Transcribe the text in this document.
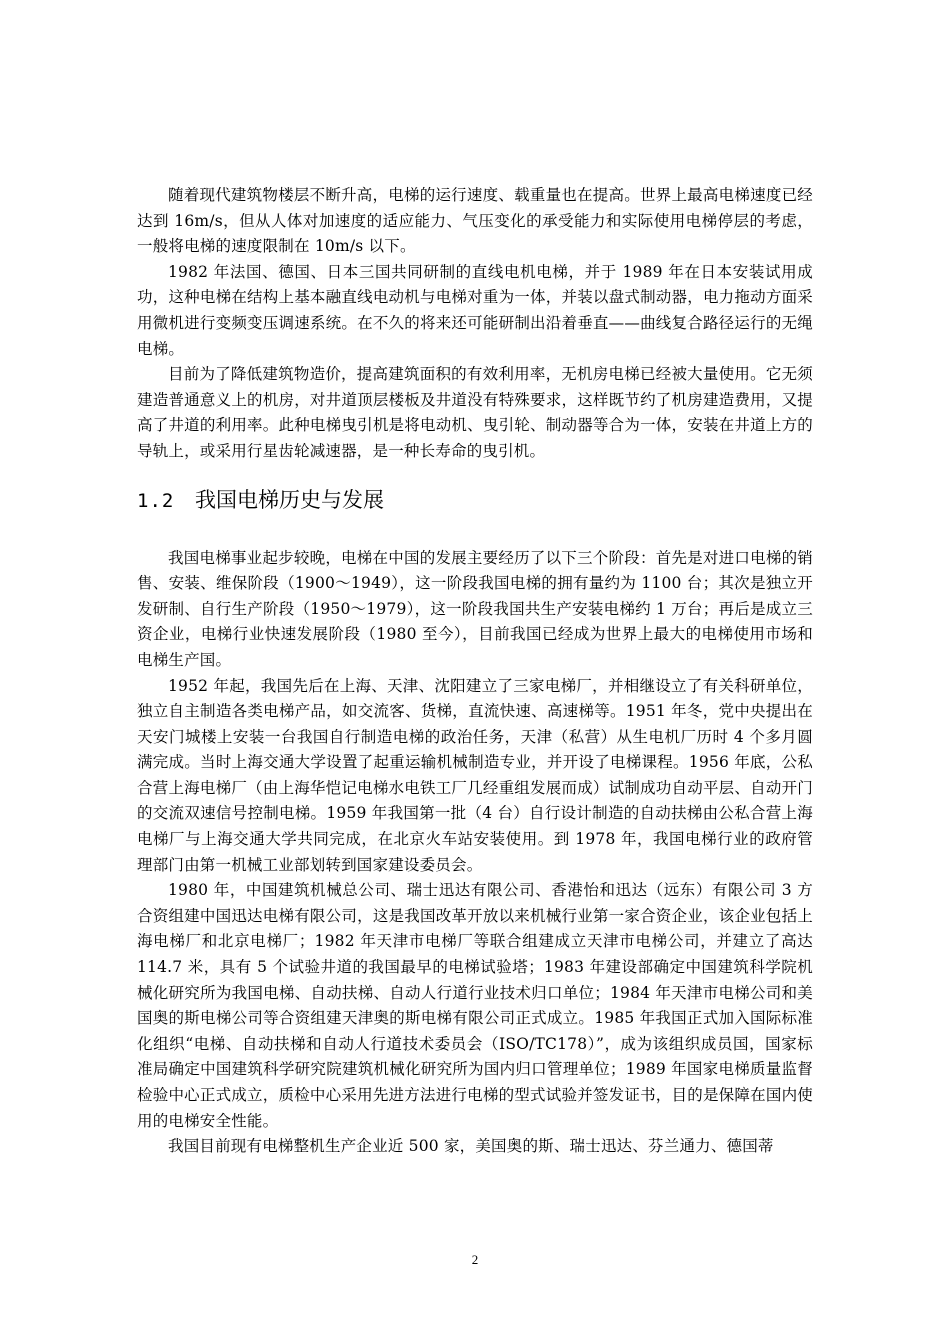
随着现代建筑物楼层不断升高，电梯的运行速度、载重量也在提高。世界上最高电梯速度已经达到 16m/s，但从人体对加速度的适应能力、气压变化的承受能力和实际使用电梯停层的考虑，一般将电梯的速度限制在 10m/s 以下。

1982 年法国、德国、日本三国共同研制的直线电机电梯，并于 1989 年在日本安装试用成功，这种电梯在结构上基本融直线电动机与电梯对重为一体，并装以盘式制动器，电力拖动方面采用微机进行变频变压调速系统。在不久的将来还可能研制出沿着垂直——曲线复合路径运行的无绳电梯。

目前为了降低建筑物造价，提高建筑面积的有效利用率，无机房电梯已经被大量使用。它无须建造普通意义上的机房，对井道顶层楼板及井道没有特殊要求，这样既节约了机房建造费用，又提高了井道的利用率。此种电梯曳引机是将电动机、曳引轮、制动器等合为一体，安装在井道上方的导轨上，或采用行星齿轮减速器，是一种长寿命的曳引机。

1.2 我国电梯历史与发展

我国电梯事业起步较晚，电梯在中国的发展主要经历了以下三个阶段：首先是对进口电梯的销售、安装、维保阶段（1900～1949），这一阶段我国电梯的拥有量约为 1100 台；其次是独立开发研制、自行生产阶段（1950～1979），这一阶段我国共生产安装电梯约 1 万台；再后是成立三资企业，电梯行业快速发展阶段（1980 至今），目前我国已经成为世界上最大的电梯使用市场和电梯生产国。

1952 年起，我国先后在上海、天津、沈阳建立了三家电梯厂，并相继设立了有关科研单位，独立自主制造各类电梯产品，如交流客、货梯，直流快速、高速梯等。1951 年冬，党中央提出在天安门城楼上安装一台我国自行制造电梯的政治任务，天津（私营）从生电机厂历时 4 个多月圆满完成。当时上海交通大学设置了起重运输机械制造专业，并开设了电梯课程。1956 年底，公私合营上海电梯厂（由上海华恺记电梯水电铁工厂几经重组发展而成）试制成功自动平层、自动开门的交流双速信号控制电梯。1959 年我国第一批（4 台）自行设计制造的自动扶梯由公私合营上海电梯厂与上海交通大学共同完成，在北京火车站安装使用。到 1978 年，我国电梯行业的政府管理部门由第一机械工业部划转到国家建设委员会。

1980 年，中国建筑机械总公司、瑞士迅达有限公司、香港怡和迅达（远东）有限公司 3 方合资组建中国迅达电梯有限公司，这是我国改革开放以来机械行业第一家合资企业，该企业包括上海电梯厂和北京电梯厂；1982 年天津市电梯厂等联合组建成立天津市电梯公司，并建立了高达 114.7 米，具有 5 个试验井道的我国最早的电梯试验塔；1983 年建设部确定中国建筑科学院机械化研究所为我国电梯、自动扶梯、自动人行道行业技术归口单位；1984 年天津市电梯公司和美国奥的斯电梯公司等合资组建天津奥的斯电梯有限公司正式成立。1985 年我国正式加入国际标准化组织“电梯、自动扶梯和自动人行道技术委员会（ISO/TC178）”，成为该组织成员国，国家标准局确定中国建筑科学研究院建筑机械化研究所为国内归口管理单位；1989 年国家电梯质量监督检验中心正式成立，质检中心采用先进方法进行电梯的型式试验并签发证书，目的是保障在国内使用的电梯安全性能。

我国目前现有电梯整机生产企业近 500 家，美国奥的斯、瑞士迅达、芬兰通力、德国蒂

2
